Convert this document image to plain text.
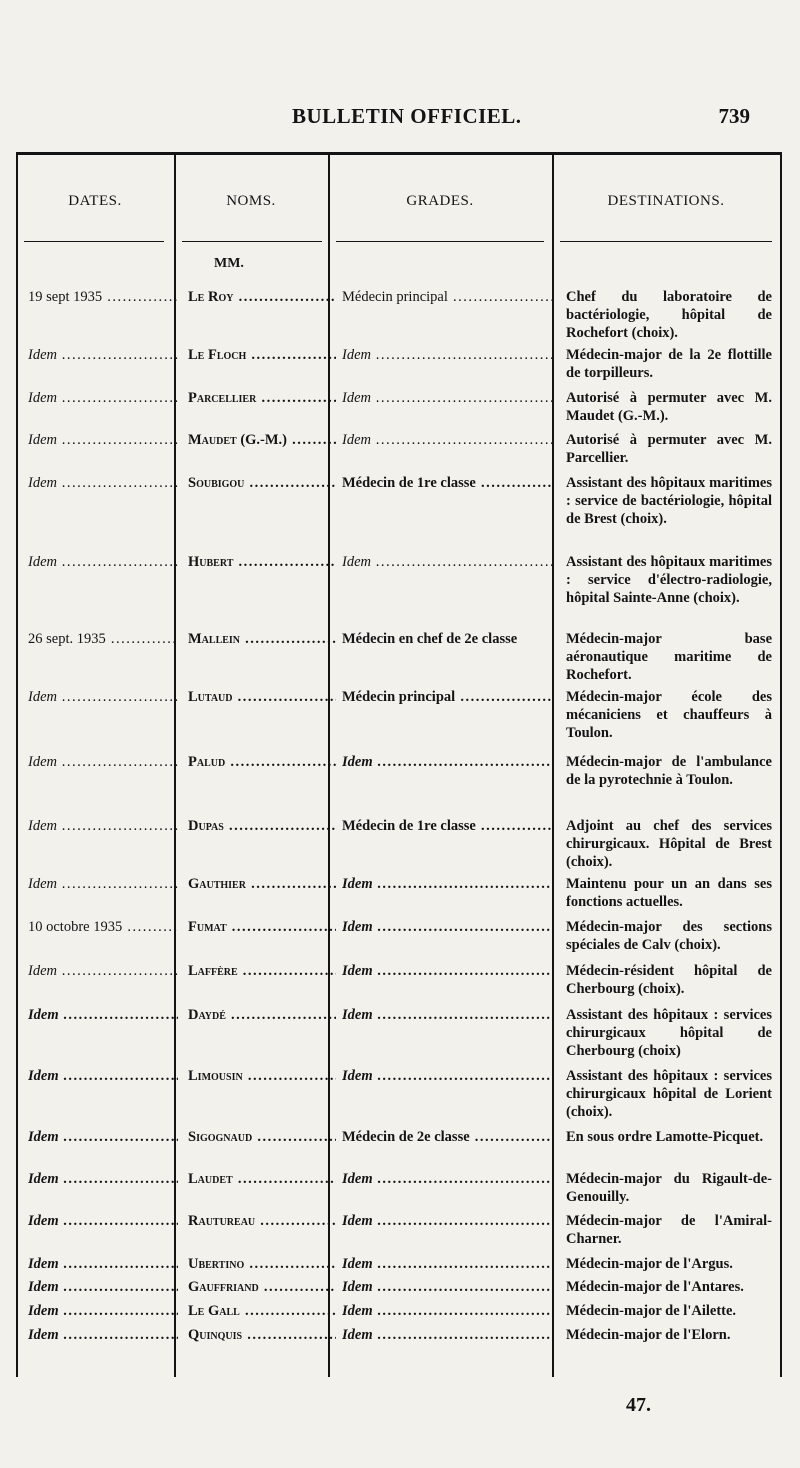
BULLETIN OFFICIEL.	739
DATES.	NOMS.	GRADES.	DESTINATIONS.
MM.
19 sept 1935 .....	Le Roy .....	Médecin principal .....	Chef du laboratoire de bactériologie, hôpital de Rochefort (choix).
Idem .....	Le Floch .....	Idem .....	Médecin-major de la 2e flottille de torpilleurs.
Idem .....	Parcellier .....	Idem .....	Autorisé à permuter avec M. Maudet (G.-M.).
Idem .....	Maudet (G.-M.) .....	Idem .....	Autorisé à permuter avec M. Parcellier.
Idem .....	Soubigou .....	Médecin de 1re classe .....	Assistant des hôpitaux maritimes : service de bactériologie, hôpital de Brest (choix).
Idem .....	Hubert .....	Idem .....	Assistant des hôpitaux maritimes : service d'électro-radiologie, hôpital Sainte-Anne (choix).
26 sept. 1935 .....	Mallein .....	Médecin en chef de 2e classe	Médecin-major base aéronautique maritime de Rochefort.
Idem .....	Lutaud .....	Médecin principal .....	Médecin-major école des mécaniciens et chauffeurs à Toulon.
Idem .....	Palud .....	Idem .....	Médecin-major de l'ambulance de la pyrotechnie à Toulon.
Idem .....	Dupas .....	Médecin de 1re classe .....	Adjoint au chef des services chirurgicaux. Hôpital de Brest (choix).
Idem .....	Gauthier .....	Idem .....	Maintenu pour un an dans ses fonctions actuelles.
10 octobre 1935 .....	Fumat .....	Idem .....	Médecin-major des sections spéciales de Calv (choix).
Idem .....	Laffère .....	Idem .....	Médecin-résident hôpital de Cherbourg (choix).
Idem .....	Daydé .....	Idem .....	Assistant des hôpitaux : services chirurgicaux hôpital de Cherbourg (choix)
Idem .....	Limousin .....	Idem .....	Assistant des hôpitaux : services chirurgicaux hôpital de Lorient (choix).
Idem .....	Sigognaud .....	Médecin de 2e classe .....	En sous ordre Lamotte-Picquet.
Idem .....	Laudet .....	Idem .....	Médecin-major du Rigault-de-Genouilly.
Idem .....	Rautureau .....	Idem .....	Médecin-major de l'Amiral-Charner.
Idem .....	Ubertino .....	Idem .....	Médecin-major de l'Argus.
Idem .....	Gauffriand .....	Idem .....	Médecin-major de l'Antares.
Idem .....	Le Gall .....	Idem .....	Médecin-major de l'Ailette.
Idem .....	Quinquis .....	Idem .....	Médecin-major de l'Elorn.
47.
